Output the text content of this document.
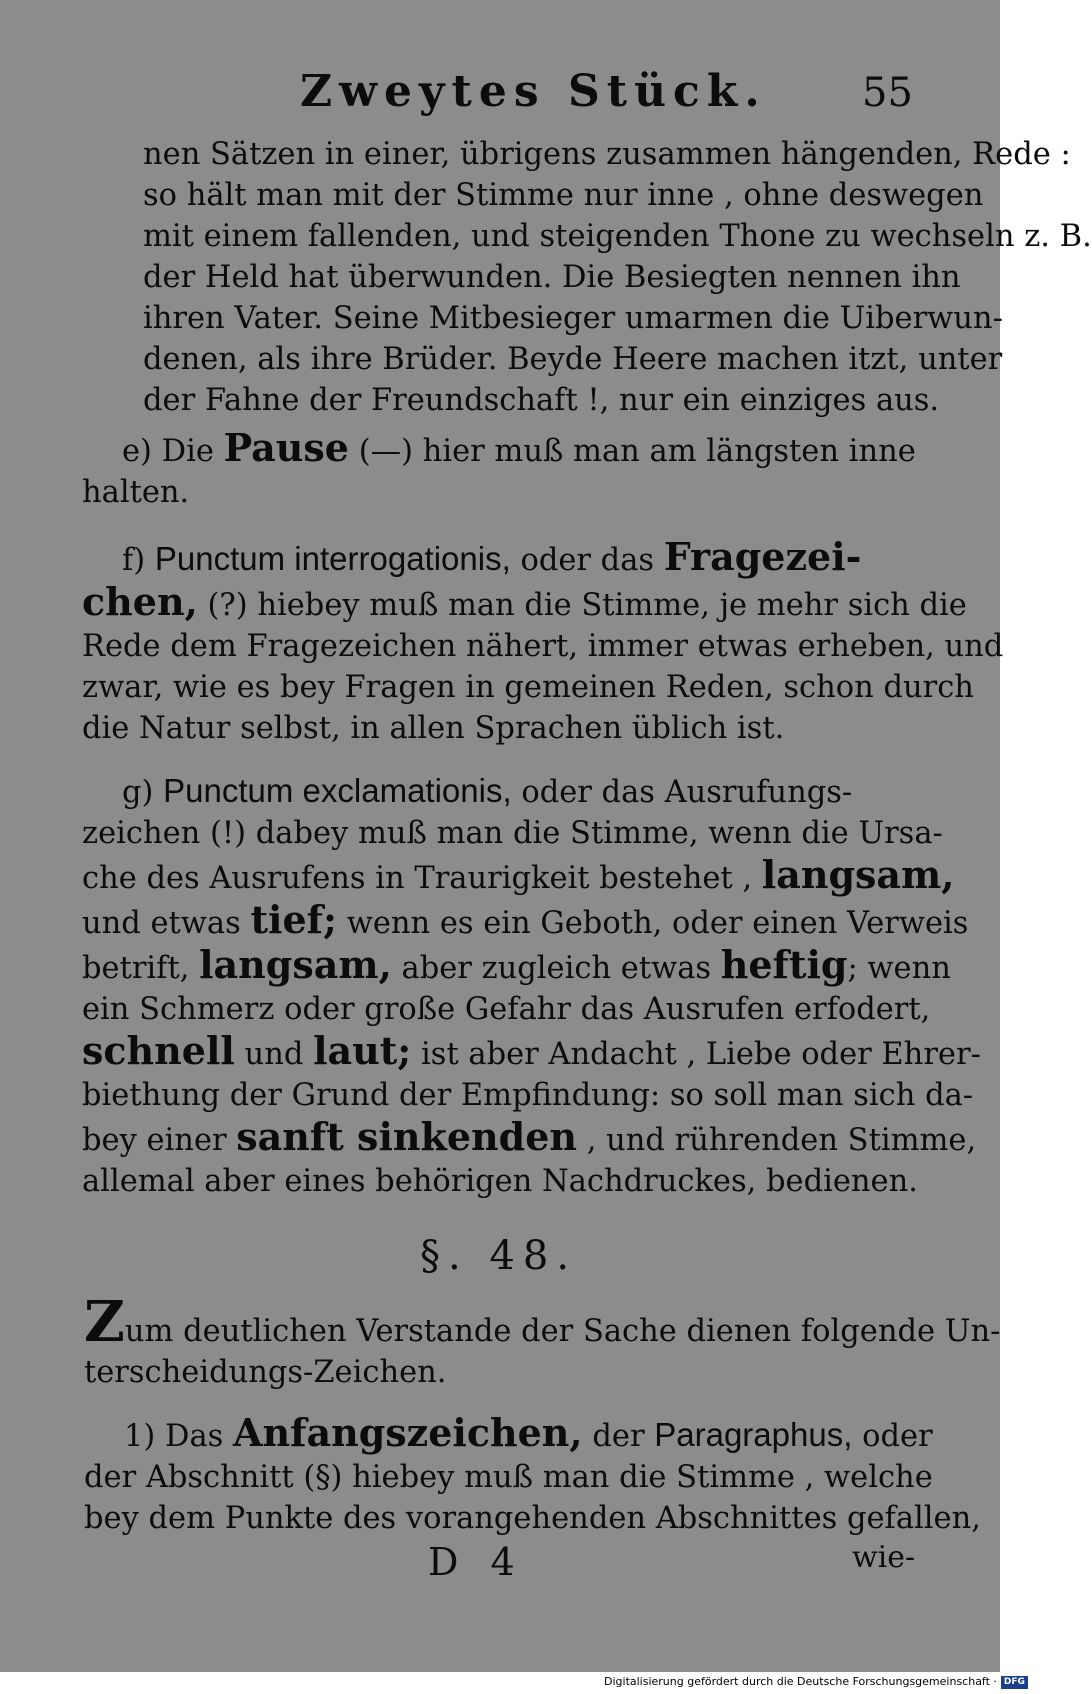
Zweytes Stück. 55
nen Sätzen in einer, übrigens zusammen hängenden, Rede :
so hält man mit der Stimme nur inne , ohne deswegen
mit einem fallenden, und steigenden Thone zu wechseln z. B.
der Held hat überwunden. Die Besiegten nennen ihn
ihren Vater. Seine Mitbesieger umarmen die Uiberwun-
denen, als ihre Brüder. Beyde Heere machen itzt, unter
der Fahne der Freundschaft !, nur ein einziges aus.
e) Die Pause (—) hier muß man am längsten inne
halten.
f) Punctum interrogationis, oder das Fragezei-
chen, (?) hiebey muß man die Stimme, je mehr sich die
Rede dem Fragezeichen nähert, immer etwas erheben, und
zwar, wie es bey Fragen in gemeinen Reden, schon durch
die Natur selbst, in allen Sprachen üblich ist.
g) Punctum exclamationis, oder das Ausrufungs-
zeichen (!) dabey muß man die Stimme, wenn die Ursa-
che des Ausrufens in Traurigkeit bestehet , langsam,
und etwas tief; wenn es ein Geboth, oder einen Verweis
betrift, langsam, aber zugleich etwas heftig; wenn
ein Schmerz oder große Gefahr das Ausrufen erfodert,
schnell und laut; ist aber Andacht , Liebe oder Ehrer-
biethung der Grund der Empfindung: so soll man sich da-
bey einer sanft sinkenden , und rührenden Stimme,
allemal aber eines behörigen Nachdruckes, bedienen.
§. 48.
Zum deutlichen Verstande der Sache dienen folgende Un-
terscheidungs-Zeichen.
1) Das Anfangszeichen, der Paragraphus, oder
der Abschnitt (§) hiebey muß man die Stimme , welche
bey dem Punkte des vorangehenden Abschnittes gefallen,
D 4	wie-
Digitalisierung gefördert durch die Deutsche Forschungsgemeinschaft · DFG
